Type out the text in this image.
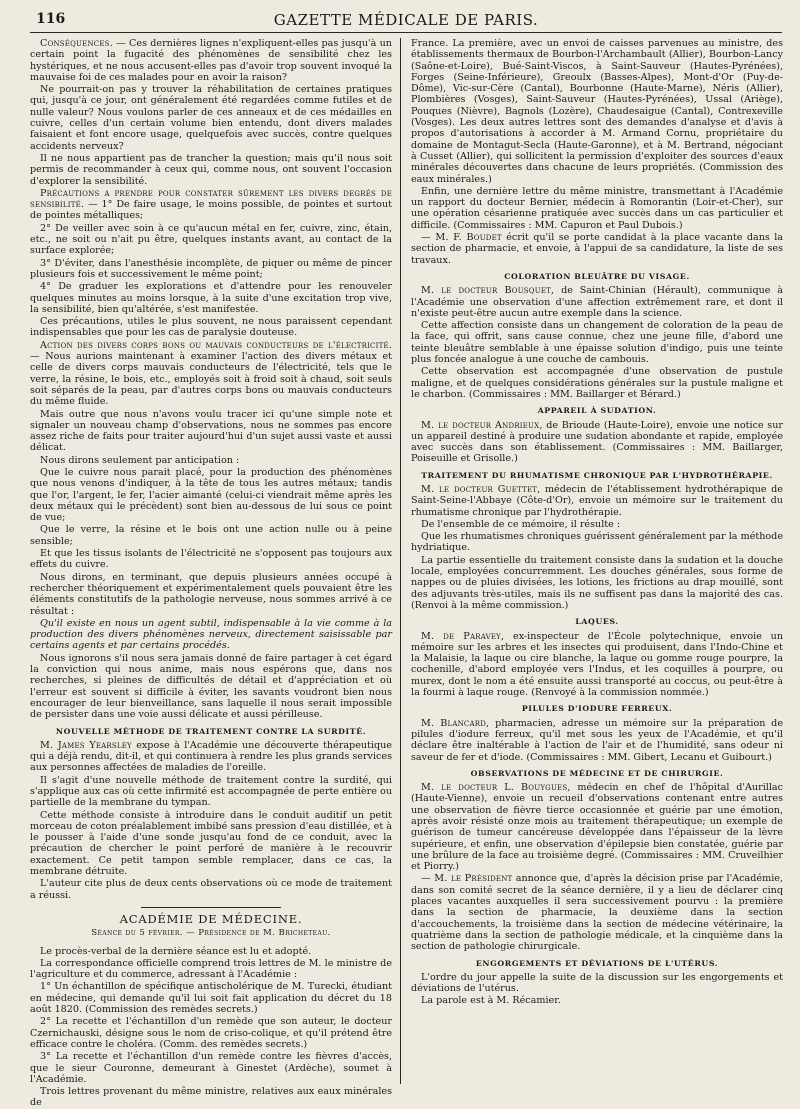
116	GAZETTE MÉDICALE DE PARIS.

Conséquences. — Ces dernières lignes n'expliquent-elles pas jusqu'à un certain point la fugacité des phénomènes de sensibilité chez les hystériques, et ne nous accusent-elles pas d'avoir trop souvent invoqué la mauvaise foi de ces malades pour en avoir la raison?

Ne pourrait-on pas y trouver la réhabilitation de certaines pratiques qui, jusqu'à ce jour, ont généralement été regardées comme futiles et de nulle valeur? Nous voulons parler de ces anneaux et de ces médailles en cuivre, celles d'un certain volume bien entendu, dont divers malades faisaient et font encore usage, quelquefois avec succès, contre quelques accidents nerveux?

Il ne nous appartient pas de trancher la question; mais qu'il nous soit permis de recommander à ceux qui, comme nous, ont souvent l'occasion d'explorer la sensibilité.

Précautions a prendre pour constater sûrement les divers degrés de sensibilité. — 1° De faire usage, le moins possible, de pointes et surtout de pointes métalliques;

2° De veiller avec soin à ce qu'aucun métal en fer, cuivre, zinc, étain, etc., ne soit ou n'ait pu être, quelques instants avant, au contact de la surface explorée;

3° D'éviter, dans l'anesthésie incomplète, de piquer ou même de pincer plusieurs fois et successivement le même point;

4° De graduer les explorations et d'attendre pour les renouveler quelques minutes au moins lorsque, à la suite d'une excitation trop vive, la sensibilité, bien qu'altérée, s'est manifestée.

Ces précautions, utiles le plus souvent, ne nous paraissent cependant indispensables que pour les cas de paralysie douteuse.

Action des divers corps bons ou mauvais conducteurs de l'électricité. — Nous aurions maintenant à examiner l'action des divers métaux et celle de divers corps mauvais conducteurs de l'électricité, tels que le verre, la résine, le bois, etc., employés soit à froid soit à chaud, soit seuls soit séparés de la peau, par d'autres corps bons ou mauvais conducteurs du même fluide.

Mais outre que nous n'avons voulu tracer ici qu'une simple note et signaler un nouveau champ d'observations, nous ne sommes pas encore assez riche de faits pour traiter aujourd'hui d'un sujet aussi vaste et aussi délicat.

Nous dirons seulement par anticipation :

Que le cuivre nous parait placé, pour la production des phénomènes que nous venons d'indiquer, à la tête de tous les autres métaux; tandis que l'or, l'argent, le fer, l'acier aimanté (celui-ci viendrait même après les deux métaux qui le précèdent) sont bien au-dessous de lui sous ce point de vue;

Que le verre, la résine et le bois ont une action nulle ou à peine sensible;

Et que les tissus isolants de l'électricité ne s'opposent pas toujours aux effets du cuivre.

Nous dirons, en terminant, que depuis plusieurs années occupé à rechercher théoriquement et expérimentalement quels pouvaient être les éléments constitutifs de la pathologie nerveuse, nous sommes arrivé à ce résultat :

Qu'il existe en nous un agent subtil, indispensable à la vie comme à la production des divers phénomènes nerveux, directement saisissable par certains agents et par certains procédés.

Nous ignorons s'il nous sera jamais donné de faire partager à cet égard la conviction qui nous anime, mais nous espérons que, dans nos recherches, si pleines de difficultés de détail et d'appréciation et où l'erreur est souvent si difficile à éviter, les savants voudront bien nous encourager de leur bienveillance, sans laquelle il nous serait impossible de persister dans une voie aussi délicate et aussi périlleuse.

NOUVELLE MÉTHODE DE TRAITEMENT CONTRE LA SURDITÉ.

M. James Yearsley expose à l'Académie une découverte thérapeutique qui a déjà rendu, dit-il, et qui continuera à rendre les plus grands services aux personnes affectées de maladies de l'oreille.

Il s'agit d'une nouvelle méthode de traitement contre la surdité, qui s'applique aux cas où cette infirmité est accompagnée de perte entière ou partielle de la membrane du tympan.

Cette méthode consiste à introduire dans le conduit auditif un petit morceau de coton préalablement imbibé sans pression d'eau distillée, et à le pousser à l'aide d'une sonde jusqu'au fond de ce conduit, avec la précaution de chercher le point perforé de manière à le recouvrir exactement. Ce petit tampon semble remplacer, dans ce cas, la membrane détruite.

L'auteur cite plus de deux cents observations où ce mode de traitement a réussi.

ACADÉMIE DE MÉDECINE.
Séance du 5 février. — Présidence de M. Bricheteau.

Le procès-verbal de la dernière séance est lu et adopté.

La correspondance officielle comprend trois lettres de M. le ministre de l'agriculture et du commerce, adressant à l'Académie :

1° Un échantillon de spécifique antischolérique de M. Turecki, étudiant en médecine, qui demande qu'il lui soit fait application du décret du 18 août 1820. (Commission des remèdes secrets.)

2° La recette et l'échantillon d'un remède que son auteur, le docteur Czernichauski, désigne sous le nom de criso-colique, et qu'il prétend être efficace contre le choléra. (Comm. des remèdes secrets.)

3° La recette et l'échantillon d'un remède contre les fièvres d'accès, que le sieur Couronne, demeurant à Ginestet (Ardèche), soumet à l'Académie.

Trois lettres provenant du même ministre, relatives aux eaux minérales de

France. La première, avec un envoi de caisses parvenues au ministre, des établissements thermaux de Bourbon-l'Archambault (Allier), Bourbon-Lancy (Saône-et-Loire), Bué-Saint-Viscos, à Saint-Sauveur (Hautes-Pyrénées), Forges (Seine-Inférieure), Greoulx (Basses-Alpes), Mont-d'Or (Puy-de-Dôme), Vic-sur-Cère (Cantal), Bourbonne (Haute-Marne), Néris (Allier), Plombières (Vosges), Saint-Sauveur (Hautes-Pyrénées), Ussal (Ariège), Pouques (Nièvre), Bagnols (Lozère), Chaudesaigue (Cantal), Contrexeville (Vosges). Les deux autres lettres sont des demandes d'analyse et d'avis à propos d'autorisations à accorder à M. Armand Cornu, propriétaire du domaine de Montagut-Secla (Haute-Garonne), et à M. Bertrand, négociant à Cusset (Allier), qui sollicitent la permission d'exploiter des sources d'eaux minérales découvertes dans chacune de leurs propriétés. (Commission des eaux minérales.)

Enfin, une dernière lettre du même ministre, transmettant à l'Académie un rapport du docteur Bernier, médecin à Romorantin (Loir-et-Cher), sur une opération césarienne pratiquée avec succès dans un cas particulier et difficile. (Commissaires : MM. Capuron et Paul Dubois.)

— M. F. Boudet écrit qu'il se porte candidat à la place vacante dans la section de pharmacie, et envoie, à l'appui de sa candidature, la liste de ses travaux.

COLORATION BLEUÂTRE DU VISAGE.

M. le docteur Bousquet, de Saint-Chinian (Hérault), communique à l'Académie une observation d'une affection extrêmement rare, et dont il n'existe peut-être aucun autre exemple dans la science.

Cette affection consiste dans un changement de coloration de la peau de la face, qui offrit, sans cause connue, chez une jeune fille, d'abord une teinte bleuâtre semblable à une épaisse solution d'indigo, puis une teinte plus foncée analogue à une couche de cambouis.

Cette observation est accompagnée d'une observation de pustule maligne, et de quelques considérations générales sur la pustule maligne et le charbon. (Commissaires : MM. Baillarger et Bérard.)

APPAREIL À SUDATION.

M. le docteur Andrieux, de Brioude (Haute-Loire), envoie une notice sur un appareil destiné à produire une sudation abondante et rapide, employée avec succès dans son établissement. (Commissaires : MM. Baillarger, Poiseuille et Grisolle.)

TRAITEMENT DU RHUMATISME CHRONIQUE PAR L'HYDROTHÉRAPIE.

M. le docteur Guettet, médecin de l'établissement hydrothérapique de Saint-Seine-l'Abbaye (Côte-d'Or), envoie un mémoire sur le traitement du rhumatisme chronique par l'hydrothérapie.

De l'ensemble de ce mémoire, il résulte :

Que les rhumatismes chroniques guérissent généralement par la méthode hydriatique.

La partie essentielle du traitement consiste dans la sudation et la douche locale, employées concurremment. Les douches générales, sous forme de nappes ou de pluies divisées, les lotions, les frictions au drap mouillé, sont des adjuvants très-utiles, mais ils ne suffisent pas dans la majorité des cas. (Renvoi à la même commission.)

LAQUES.

M. de Paravey, ex-inspecteur de l'École polytechnique, envoie un mémoire sur les arbres et les insectes qui produisent, dans l'Indo-Chine et la Malaisie, la laque ou cire blanche, la laque ou gomme rouge pourpre, la cochenille, d'abord employée vers l'Indus, et les coquilles à pourpre, ou murex, dont le nom a été ensuite aussi transporté au coccus, ou peut-être à la fourmi à laque rouge. (Renvoyé à la commission nommée.)

PILULES D'IODURE FERREUX.

M. Blancard, pharmacien, adresse un mémoire sur la préparation de pilules d'iodure ferreux, qu'il met sous les yeux de l'Académie, et qu'il déclare être inaltérable à l'action de l'air et de l'humidité, sans odeur ni saveur de fer et d'iode. (Commissaires : MM. Gibert, Lecanu et Guibourt.)

OBSERVATIONS DE MÉDECINE ET DE CHIRURGIE.

M. le docteur L. Bouygues, médecin en chef de l'hôpital d'Aurillac (Haute-Vienne), envoie un recueil d'observations contenant entre autres une observation de fièvre tierce occasionnée et guérie par une émotion, après avoir résisté onze mois au traitement thérapeutique; un exemple de guérison de tumeur cancéreuse développée dans l'épaisseur de la lèvre supérieure, et enfin, une observation d'épilepsie bien constatée, guérie par une brûlure de la face au troisième degré. (Commissaires : MM. Cruveilhier et Piorry.)

— M. le Président annonce que, d'après la décision prise par l'Académie, dans son comité secret de la séance dernière, il y a lieu de déclarer cinq places vacantes auxquelles il sera successivement pourvu : la première dans la section de pharmacie, la deuxième dans la section d'accouchements, la troisième dans la section de médecine vétérinaire, la quatrième dans la section de pathologie médicale, et la cinquième dans la section de pathologie chirurgicale.

ENGORGEMENTS ET DÉVIATIONS DE L'UTÉRUS.

L'ordre du jour appelle la suite de la discussion sur les engorgements et déviations de l'utérus.

La parole est à M. Récamier.
